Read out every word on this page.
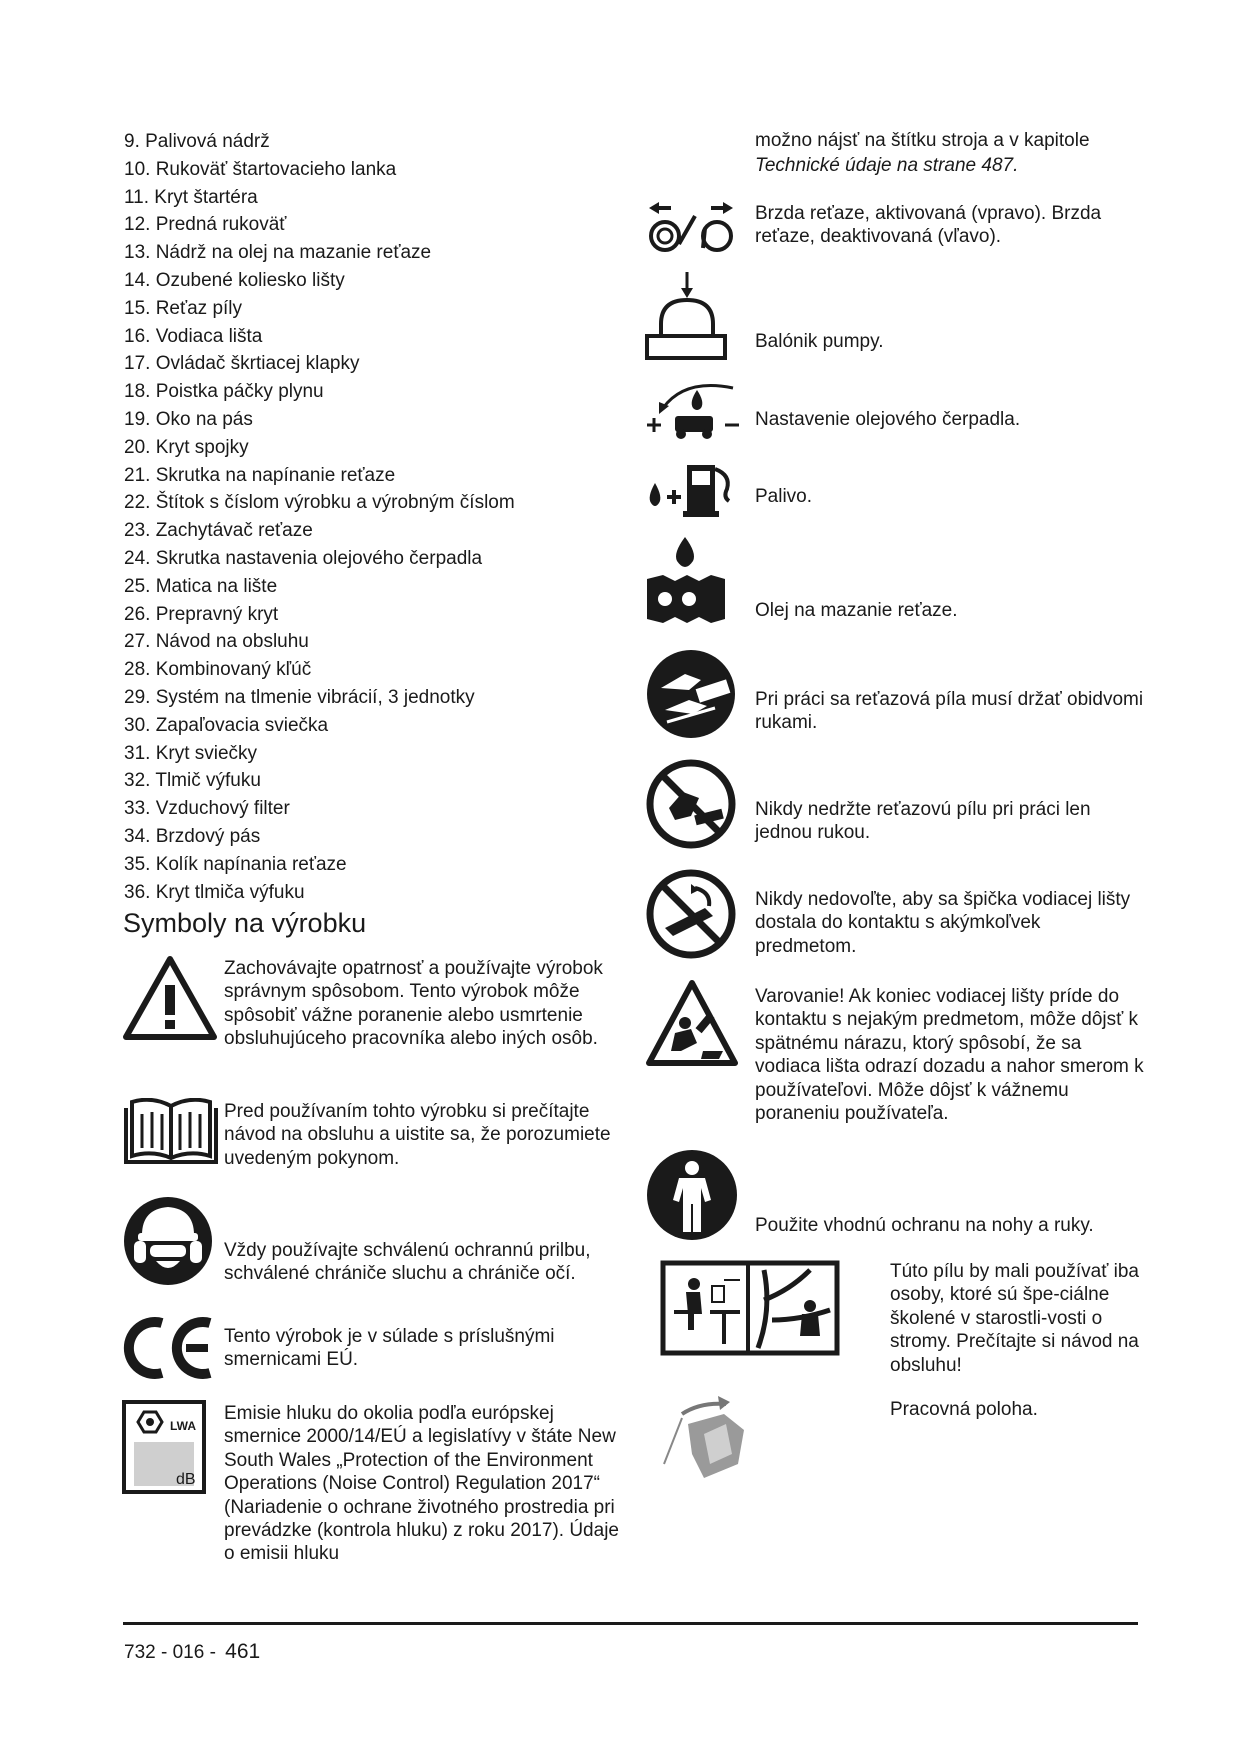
9. Palivová nádrž
10. Rukoväť štartovacieho lanka
11. Kryt štartéra
12. Predná rukoväť
13. Nádrž na olej na mazanie reťaze
14. Ozubené koliesko lišty
15. Reťaz píly
16. Vodiaca lišta
17. Ovládač škrtiacej klapky
18. Poistka páčky plynu
19. Oko na pás
20. Kryt spojky
21. Skrutka na napínanie reťaze
22. Štítok s číslom výrobku a výrobným číslom
23. Zachytávač reťaze
24. Skrutka nastavenia olejového čerpadla
25. Matica na lište
26. Prepravný kryt
27. Návod na obsluhu
28. Kombinovaný kľúč
29. Systém na tlmenie vibrácií, 3 jednotky
30. Zapaľovacia sviečka
31. Kryt sviečky
32. Tlmič výfuku
33. Vzduchový filter
34. Brzdový pás
35. Kolík napínania reťaze
36. Kryt tlmiča výfuku
Symboly na výrobku
Zachovávajte opatrnosť a používajte výrobok správnym spôsobom. Tento výrobok môže spôsobiť vážne poranenie alebo usmrtenie obsluhujúceho pracovníka alebo iných osôb.
Pred používaním tohto výrobku si prečítajte návod na obsluhu a uistite sa, že porozumiete uvedeným pokynom.
Vždy používajte schválenú ochrannú prilbu, schválené chrániče sluchu a chrániče očí.
Tento výrobok je v súlade s príslušnými smernicami EÚ.
LWA
dB
Emisie hluku do okolia podľa európskej smernice 2000/14/EÚ a legislatívy v štáte New South Wales „Protection of the Environment Operations (Noise Control) Regulation 2017“ (Nariadenie o ochrane životného prostredia pri prevádzke (kontrola hluku) z roku 2017). Údaje o emisii hluku
možno nájsť na štítku stroja a v kapitole
Technické údaje na strane 487.
Brzda reťaze, aktivovaná (vpravo). Brzda reťaze, deaktivovaná (vľavo).
Balónik pumpy.
Nastavenie olejového čerpadla.
Palivo.
Olej na mazanie reťaze.
Pri práci sa reťazová píla musí držať obidvomi rukami.
Nikdy nedržte reťazovú pílu pri práci len jednou rukou.
Nikdy nedovoľte, aby sa špička vodiacej lišty dostala do kontaktu s akýmkoľvek predmetom.
Varovanie! Ak koniec vodiacej lišty príde do kontaktu s nejakým predmetom, môže dôjsť k spätnému nárazu, ktorý spôsobí, že sa vodiaca lišta odrazí dozadu a nahor smerom k používateľovi. Môže dôjsť k vážnemu poraneniu používateľa.
Použite vhodnú ochranu na nohy a ruky.
Túto pílu by mali používať iba osoby, ktoré sú špe-ciálne školené v starostli-vosti o stromy. Prečítajte si návod na obsluhu!
Pracovná poloha.
732 - 016 - 461
